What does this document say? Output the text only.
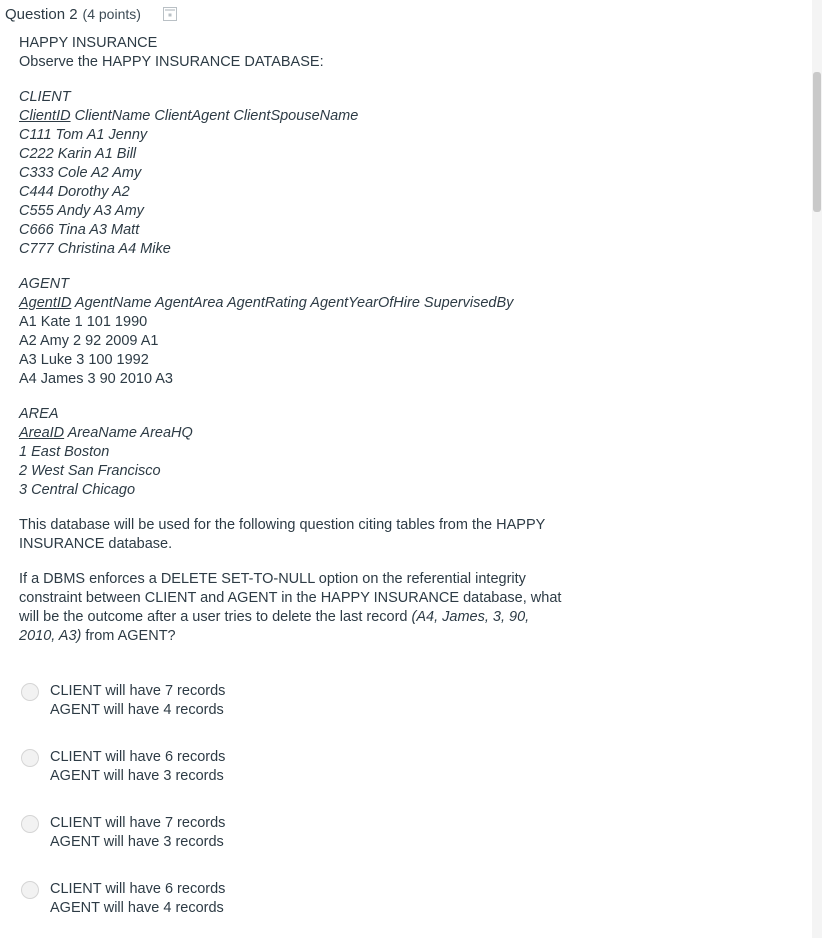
Question 2 (4 points)
HAPPY INSURANCE
Observe the HAPPY INSURANCE DATABASE:
CLIENT
ClientID ClientName ClientAgent ClientSpouseName
C111 Tom A1 Jenny
C222 Karin A1 Bill
C333 Cole A2 Amy
C444 Dorothy A2
C555 Andy A3 Amy
C666 Tina A3 Matt
C777 Christina A4 Mike
AGENT
AgentID AgentName AgentArea AgentRating AgentYearOfHire SupervisedBy
A1 Kate 1 101 1990
A2 Amy 2 92 2009 A1
A3 Luke 3 100 1992
A4 James 3 90 2010 A3
AREA
AreaID AreaName AreaHQ
1 East Boston
2 West San Francisco
3 Central Chicago
This database will be used for the following question citing tables from the HAPPY
INSURANCE database.
If a DBMS enforces a DELETE SET-TO-NULL option on the referential integrity
constraint between CLIENT and AGENT in the HAPPY INSURANCE database, what
will be the outcome after a user tries to delete the last record (A4, James, 3, 90,
2010, A3) from AGENT?
CLIENT will have 7 records
AGENT will have 4 records
CLIENT will have 6 records
AGENT will have 3 records
CLIENT will have 7 records
AGENT will have 3 records
CLIENT will have 6 records
AGENT will have 4 records
